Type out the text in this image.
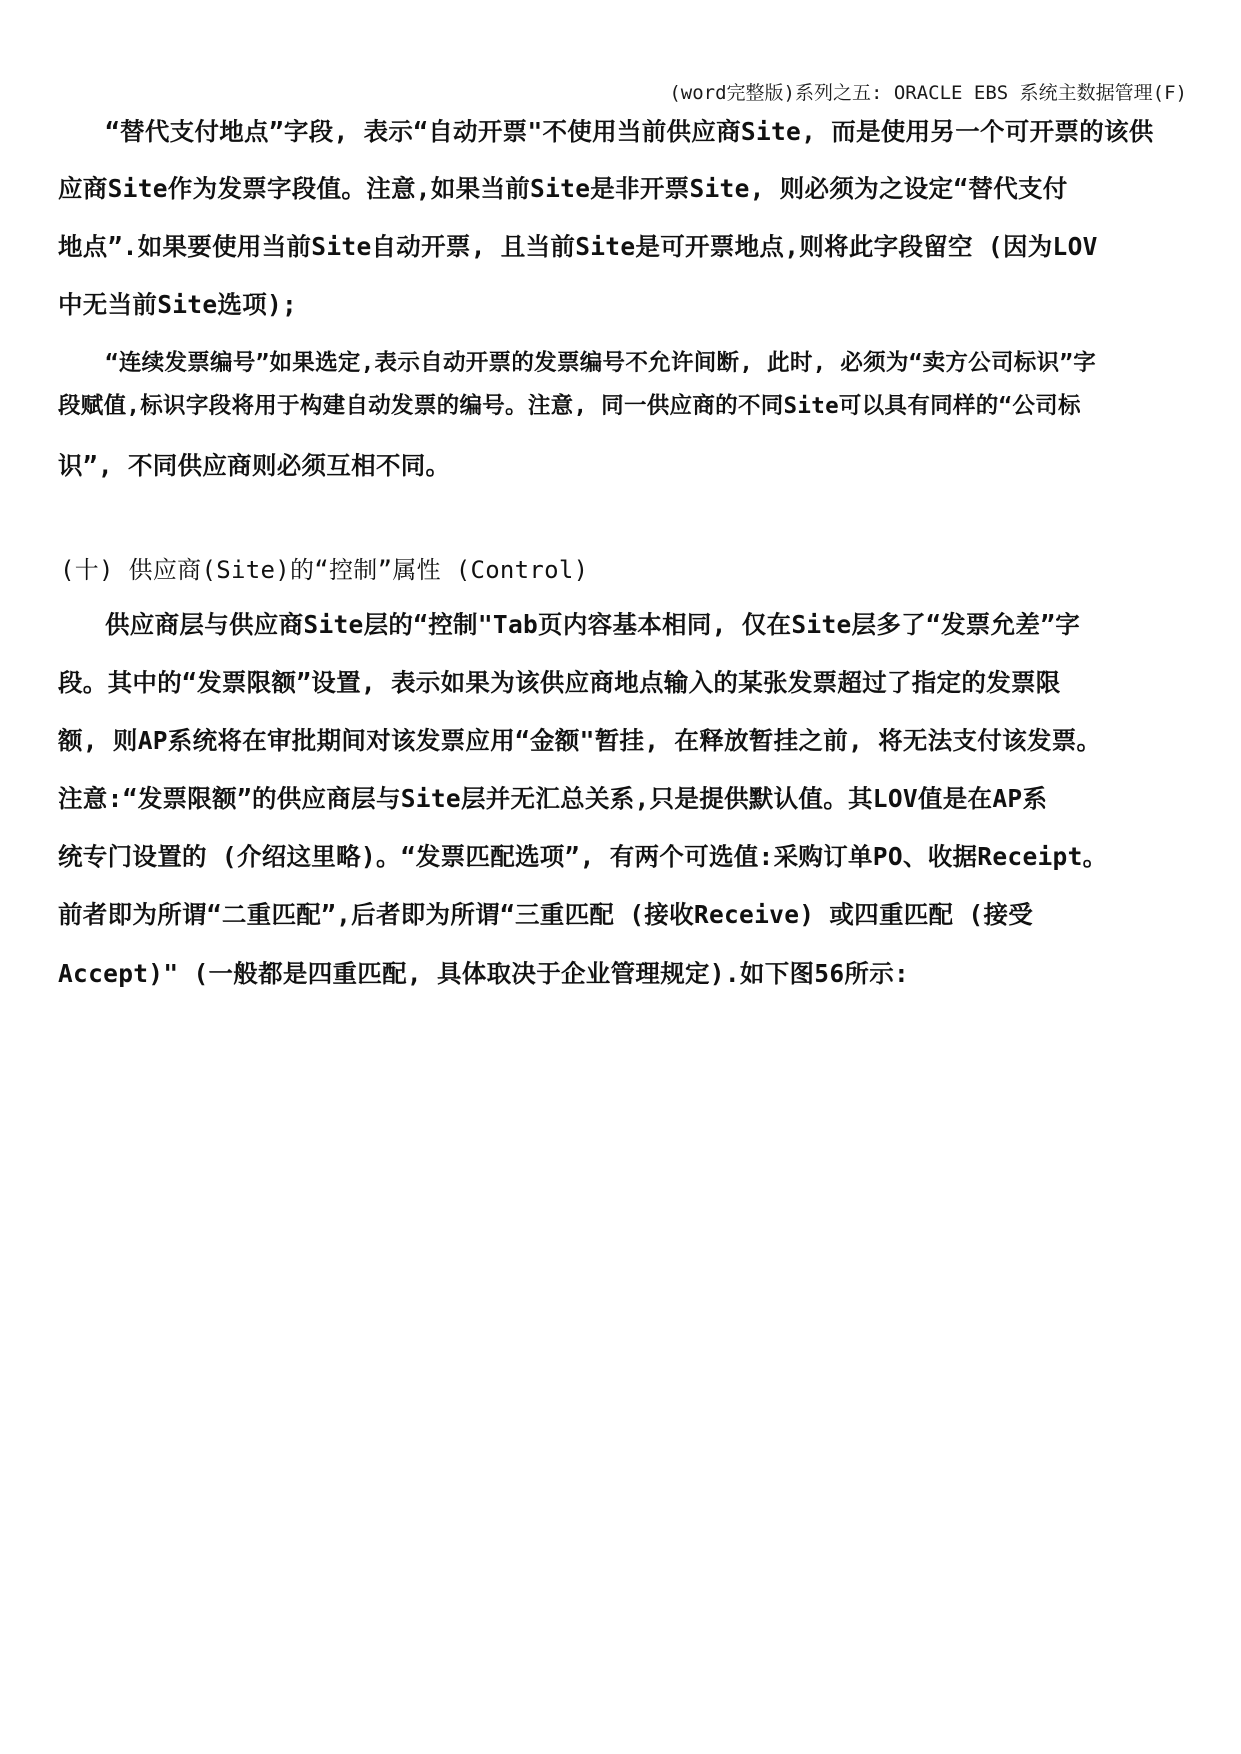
(word完整版)系列之五: ORACLE EBS 系统主数据管理(F)
“替代支付地点”字段, 表示“自动开票"不使用当前供应商Site, 而是使用另一个可开票的该供
应商Site作为发票字段值。注意,如果当前Site是非开票Site, 则必须为之设定“替代支付
地点”.如果要使用当前Site自动开票, 且当前Site是可开票地点,则将此字段留空 (因为LOV
中无当前Site选项);
“连续发票编号”如果选定,表示自动开票的发票编号不允许间断, 此时, 必须为“卖方公司标识”字
段赋值,标识字段将用于构建自动发票的编号。注意, 同一供应商的不同Site可以具有同样的“公司标
识”, 不同供应商则必须互相不同。
(十) 供应商(Site)的“控制”属性 (Control)
供应商层与供应商Site层的“控制"Tab页内容基本相同, 仅在Site层多了“发票允差”字
段。其中的“发票限额”设置, 表示如果为该供应商地点输入的某张发票超过了指定的发票限
额, 则AP系统将在审批期间对该发票应用“金额"暂挂, 在释放暂挂之前, 将无法支付该发票。
注意:“发票限额”的供应商层与Site层并无汇总关系,只是提供默认值。其LOV值是在AP系
统专门设置的 (介绍这里略)。“发票匹配选项”, 有两个可选值:采购订单PO、收据Receipt。
前者即为所谓“二重匹配”,后者即为所谓“三重匹配 (接收Receive) 或四重匹配 (接受
Accept)" (一般都是四重匹配, 具体取决于企业管理规定).如下图56所示:
